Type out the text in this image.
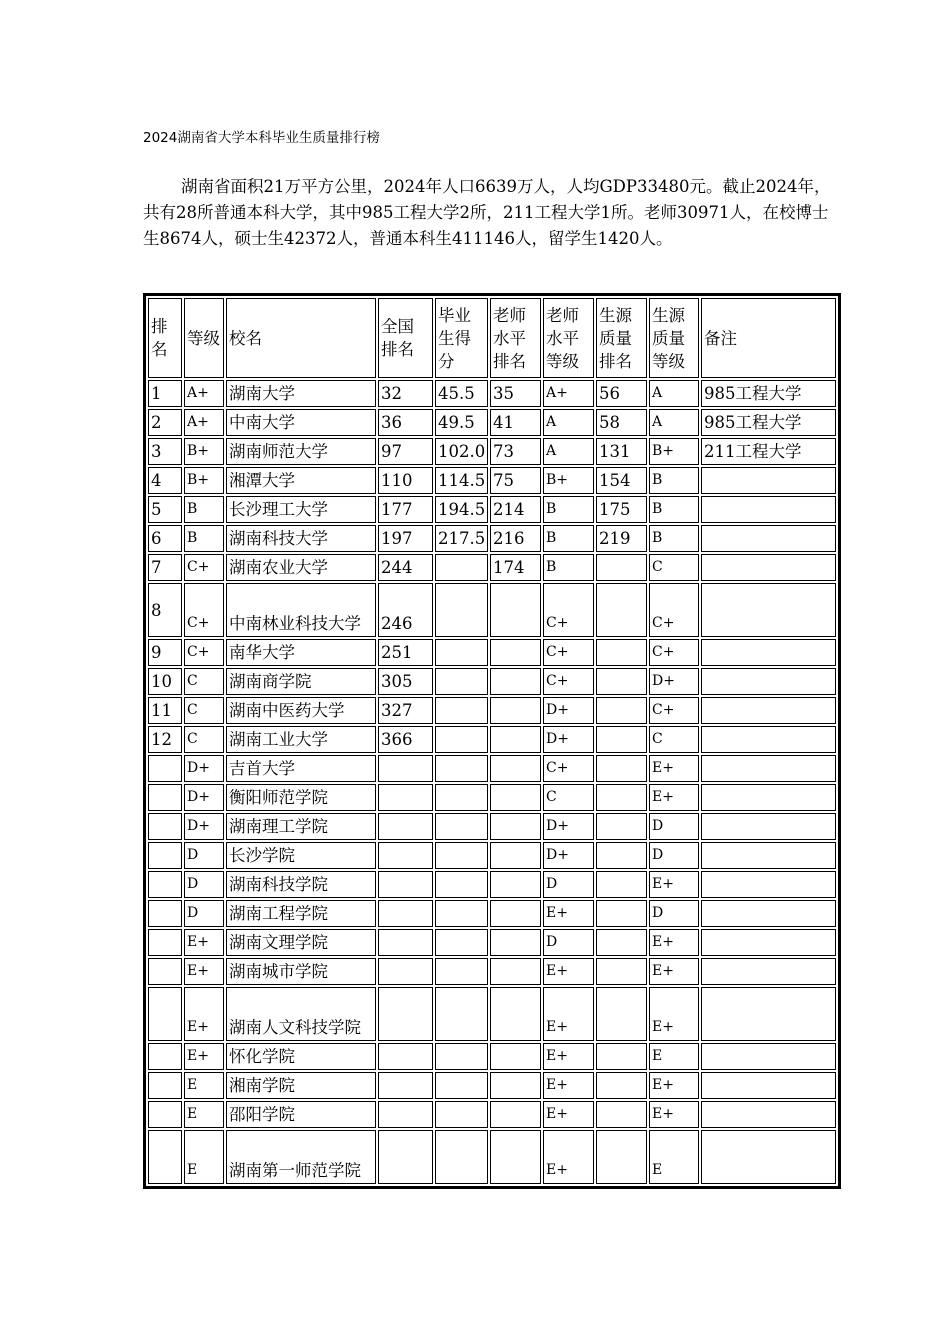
2024湖南省大学本科毕业生质量排行榜

湖南省面积21万平方公里，2024年人口6639万人，人均GDP33480元。截止2024年，共有28所普通本科大学，其中985工程大学2所，211工程大学1所。老师30971人，在校博士生8674人，硕士生42372人，普通本科生411146人，留学生1420人。

排名	等级	校名	全国排名	毕业生得分	老师水平排名	老师水平等级	生源质量排名	生源质量等级	备注
1	A+	湖南大学	32	45.5	35	A+	56	A	985工程大学
2	A+	中南大学	36	49.5	41	A	58	A	985工程大学
3	B+	湖南师范大学	97	102.0	73	A	131	B+	211工程大学
4	B+	湘潭大学	110	114.5	75	B+	154	B	
5	B	长沙理工大学	177	194.5	214	B	175	B	
6	B	湖南科技大学	197	217.5	216	B	219	B	
7	C+	湖南农业大学	244		174	B		C	
8	C+	中南林业科技大学	246			C+		C+	
9	C+	南华大学	251			C+		C+	
10	C	湖南商学院	305			C+		D+	
11	C	湖南中医药大学	327			D+		C+	
12	C	湖南工业大学	366			D+		C	
	D+	吉首大学				C+		E+	
	D+	衡阳师范学院				C		E+	
	D+	湖南理工学院				D+		D	
	D	长沙学院				D+		D	
	D	湖南科技学院				D		E+	
	D	湖南工程学院				E+		D	
	E+	湖南文理学院				D		E+	
	E+	湖南城市学院				E+		E+	
	E+	湖南人文科技学院				E+		E+	
	E+	怀化学院				E+		E	
	E	湘南学院				E+		E+	
	E	邵阳学院				E+		E+	
	E	湖南第一师范学院				E+		E	
